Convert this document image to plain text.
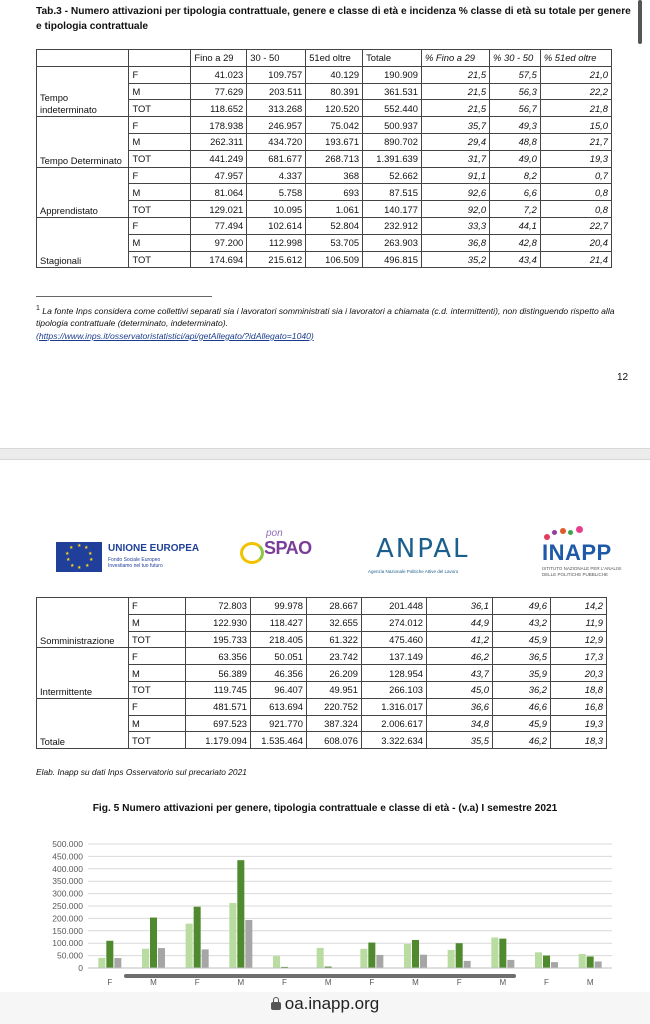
Tab.3 - Numero attivazioni per tipologia contrattuale, genere e classe di età e incidenza % classe di età su totale per genere e tipologia contrattuale
		Fino a 29	30 - 50	51ed oltre	Totale	% Fino a 29	% 30 - 50	% 51ed oltre
Tempo indeterminato	F	41.023	109.757	40.129	190.909	21,5	57,5	21,0
	M	77.629	203.511	80.391	361.531	21,5	56,3	22,2
	TOT	118.652	313.268	120.520	552.440	21,5	56,7	21,8
Tempo Determinato	F	178.938	246.957	75.042	500.937	35,7	49,3	15,0
	M	262.311	434.720	193.671	890.702	29,4	48,8	21,7
	TOT	441.249	681.677	268.713	1.391.639	31,7	49,0	19,3
Apprendistato	F	47.957	4.337	368	52.662	91,1	8,2	0,7
	M	81.064	5.758	693	87.515	92,6	6,6	0,8
	TOT	129.021	10.095	1.061	140.177	92,0	7,2	0,8
Stagionali	F	77.494	102.614	52.804	232.912	33,3	44,1	22,7
	M	97.200	112.998	53.705	263.903	36,8	42,8	20,4
	TOT	174.694	215.612	106.509	496.815	35,2	43,4	21,4
$^1$ La fonte Inps considera come collettivi separati sia i lavoratori somministrati sia i lavoratori a chiamata (c.d. intermittenti), non distinguendo rispetto alla tipologia contrattuale (determinato, indeterminato).
(https://www.inps.it/osservatoristatistici/api/getAllegato/?idAllegato=1040)
12
★ ★
★
★
★
★
★
★
★
★	UNIONE EUROPEA
Fondo Sociale Europeo
Investiamo nel tuo futuro
pon
SPAO ANPAL
Agenzia Nazionale Politiche Attive del Lavoro
INAPP
ISTITUTO NAZIONALE PER L'ANALISI DELLE POLITICHE PUBBLICHE
Somministrazione	F	72.803	99.978	28.667	201.448	36,1	49,6	14,2
	M	122.930	118.427	32.655	274.012	44,9	43,2	11,9
	TOT	195.733	218.405	61.322	475.460	41,2	45,9	12,9
Intermittente	F	63.356	50.051	23.742	137.149	46,2	36,5	17,3
	M	56.389	46.356	26.209	128.954	43,7	35,9	20,3
	TOT	119.745	96.407	49.951	266.103	45,0	36,2	18,8
Totale	F	481.571	613.694	220.752	1.316.017	36,6	46,6	16,8
	M	697.523	921.770	387.324	2.006.617	34,8	45,9	19,3
	TOT	1.179.094	1.535.464	608.076	3.322.634	35,5	46,2	18,3
Elab. Inapp su dati Inps Osservatorio sul precariato 2021
Fig. 5 Numero attivazioni per genere, tipologia contrattuale e classe di età - (v.a) I semestre 2021
500.000
450.000
400.000
350.000
300.000
250.000
200.000
150.000
100.000
50.000
0
F	M	F	M	F	M	F	M	F	M	F	M
oa.inapp.org
